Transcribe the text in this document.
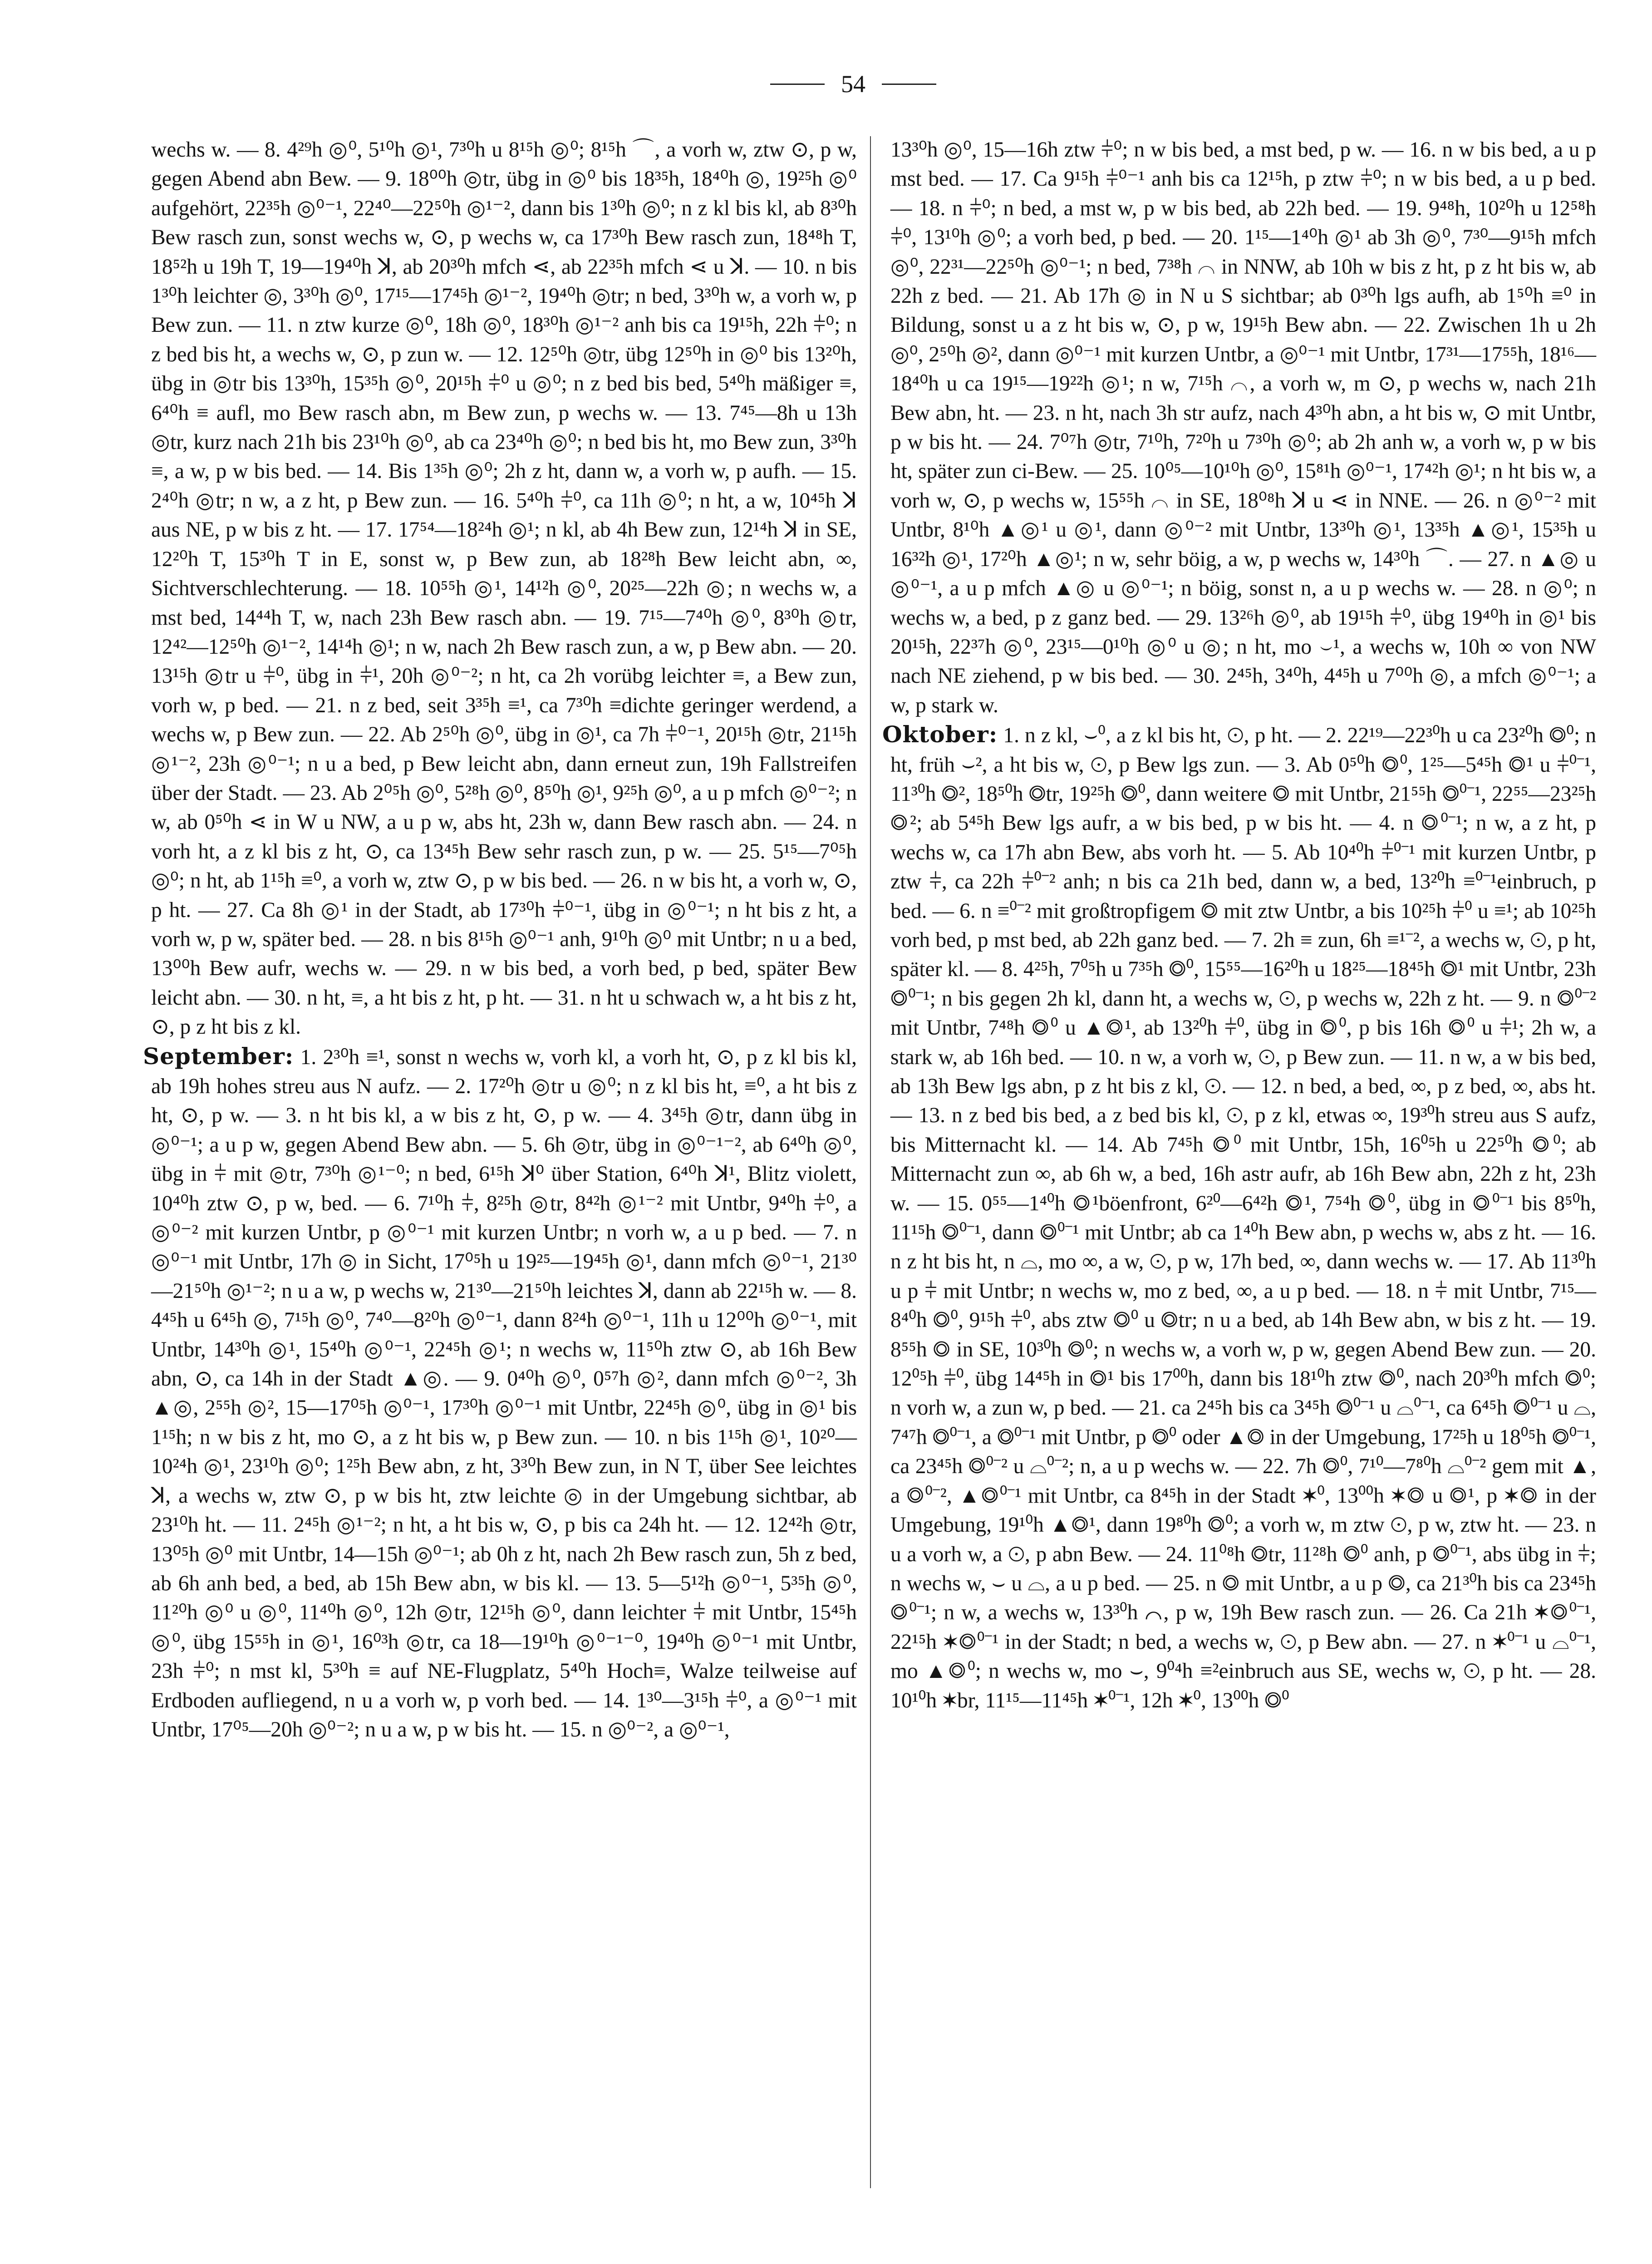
54

wechs w. — 8. 4²⁹h ◎⁰, 5¹⁰h ◎¹, 7³⁰h u 8¹⁵h ◎⁰; 8¹⁵h ⌒, a vorh w, ztw ⊙, p w, gegen Abend abn Bew. — 9. 18⁰⁰h ◎tr, übg in ◎⁰ bis 18³⁵h, 18⁴⁰h ◎, 19²⁵h ◎⁰ aufgehört, 22³⁵h ◎⁰⁻¹, 22⁴⁰—22⁵⁰h ◎¹⁻², dann bis 1³⁰h ◎⁰; n z kl bis kl, ab 8³⁰h Bew rasch zun, sonst wechs w, ⊙, p wechs w, ca 17³⁰h Bew rasch zun, 18⁴⁸h T, 18⁵²h u 19h T, 19—19⁴⁰h ꓘ, ab 20³⁰h mfch ⋖, ab 22³⁵h mfch ⋖ u ꓘ. — 10. n bis 1³⁰h leichter ◎, 3³⁰h ◎⁰, 17¹⁵—17⁴⁵h ◎¹⁻², 19⁴⁰h ◎tr; n bed, 3³⁰h w, a vorh w, p Bew zun. — 11. n ztw kurze ◎⁰, 18h ◎⁰, 18³⁰h ◎¹⁻² anh bis ca 19¹⁵h, 22h ⫩⁰; n z bed bis ht, a wechs w, ⊙, p zun w. — 12. 12⁵⁰h ◎tr, übg 12⁵⁰h in ◎⁰ bis 13²⁰h, übg in ◎tr bis 13³⁰h, 15³⁵h ◎⁰, 20¹⁵h ⫩⁰ u ◎⁰; n z bed bis bed, 5⁴⁰h mäßiger ≡, 6⁴⁰h ≡ aufl, mo Bew rasch abn, m Bew zun, p wechs w. — 13. 7⁴⁵—8h u 13h ◎tr, kurz nach 21h bis 23¹⁰h ◎⁰, ab ca 23⁴⁰h ◎⁰; n bed bis ht, mo Bew zun, 3³⁰h ≡, a w, p w bis bed. — 14. Bis 1³⁵h ◎⁰; 2h z ht, dann w, a vorh w, p aufh. — 15. 2⁴⁰h ◎tr; n w, a z ht, p Bew zun. — 16. 5⁴⁰h ⫩⁰, ca 11h ◎⁰; n ht, a w, 10⁴⁵h ꓘ aus NE, p w bis z ht. — 17. 17⁵⁴—18²⁴h ◎¹; n kl, ab 4h Bew zun, 12¹⁴h ꓘ in SE, 12²⁰h T, 15³⁰h T in E, sonst w, p Bew zun, ab 18²⁸h Bew leicht abn, ∞, Sichtverschlechterung. — 18. 10⁵⁵h ◎¹, 14¹²h ◎⁰, 20²⁵—22h ◎; n wechs w, a mst bed, 14⁴⁴h T, w, nach 23h Bew rasch abn. — 19. 7¹⁵—7⁴⁰h ◎⁰, 8³⁰h ◎tr, 12⁴²—12⁵⁰h ◎¹⁻², 14¹⁴h ◎¹; n w, nach 2h Bew rasch zun, a w, p Bew abn. — 20. 13¹⁵h ◎tr u ⫩⁰, übg in ⫩¹, 20h ◎⁰⁻²; n ht, ca 2h vorübg leichter ≡, a Bew zun, vorh w, p bed. — 21. n z bed, seit 3³⁵h ≡¹, ca 7³⁰h ≡dichte geringer werdend, a wechs w, p Bew zun. — 22. Ab 2⁵⁰h ◎⁰, übg in ◎¹, ca 7h ⫩⁰⁻¹, 20¹⁵h ◎tr, 21¹⁵h ◎¹⁻², 23h ◎⁰⁻¹; n u a bed, p Bew leicht abn, dann erneut zun, 19h Fallstreifen über der Stadt. — 23. Ab 2⁰⁵h ◎⁰, 5²⁸h ◎⁰, 8⁵⁰h ◎¹, 9²⁵h ◎⁰, a u p mfch ◎⁰⁻²; n w, ab 0⁵⁰h ⋖ in W u NW, a u p w, abs ht, 23h w, dann Bew rasch abn. — 24. n vorh ht, a z kl bis z ht, ⊙, ca 13⁴⁵h Bew sehr rasch zun, p w. — 25. 5¹⁵—7⁰⁵h ◎⁰; n ht, ab 1¹⁵h ≡⁰, a vorh w, ztw ⊙, p w bis bed. — 26. n w bis ht, a vorh w, ⊙, p ht. — 27. Ca 8h ◎¹ in der Stadt, ab 17³⁰h ⫩⁰⁻¹, übg in ◎⁰⁻¹; n ht bis z ht, a vorh w, p w, später bed. — 28. n bis 8¹⁵h ◎⁰⁻¹ anh, 9¹⁰h ◎⁰ mit Untbr; n u a bed, 13⁰⁰h Bew aufr, wechs w. — 29. n w bis bed, a vorh bed, p bed, später Bew leicht abn. — 30. n ht, ≡, a ht bis z ht, p ht. — 31. n ht u schwach w, a ht bis z ht, ⊙, p z ht bis z kl.

September: 1. 2³⁰h ≡¹, sonst n wechs w, vorh kl, a vorh ht, ⊙, p z kl bis kl, ab 19h hohes streu aus N aufz. — 2. 17²⁰h ◎tr u ◎⁰; n z kl bis ht, ≡⁰, a ht bis z ht, ⊙, p w. — 3. n ht bis kl, a w bis z ht, ⊙, p w. — 4. 3⁴⁵h ◎tr, dann übg in ◎⁰⁻¹; a u p w, gegen Abend Bew abn. — 5. 6h ◎tr, übg in ◎⁰⁻¹⁻², ab 6⁴⁰h ◎⁰, übg in ⫩ mit ◎tr, 7³⁰h ◎¹⁻⁰; n bed, 6¹⁵h ꓘ⁰ über Station, 6⁴⁰h ꓘ¹, Blitz violett, 10⁴⁰h ztw ⊙, p w, bed. — 6. 7¹⁰h ⫩, 8²⁵h ◎tr, 8⁴²h ◎¹⁻² mit Untbr, 9⁴⁰h ⫩⁰, a ◎⁰⁻² mit kurzen Untbr, p ◎⁰⁻¹ mit kurzen Untbr; n vorh w, a u p bed. — 7. n ◎⁰⁻¹ mit Untbr, 17h ◎ in Sicht, 17⁰⁵h u 19²⁵—19⁴⁵h ◎¹, dann mfch ◎⁰⁻¹, 21³⁰—21⁵⁰h ◎¹⁻²; n u a w, p wechs w, 21³⁰—21⁵⁰h leichtes ꓘ, dann ab 22¹⁵h w. — 8. 4⁴⁵h u 6⁴⁵h ◎, 7¹⁵h ◎⁰, 7⁴⁰—8²⁰h ◎⁰⁻¹, dann 8²⁴h ◎⁰⁻¹, 11h u 12⁰⁰h ◎⁰⁻¹, mit Untbr, 14³⁰h ◎¹, 15⁴⁰h ◎⁰⁻¹, 22⁴⁵h ◎¹; n wechs w, 11⁵⁰h ztw ⊙, ab 16h Bew abn, ⊙, ca 14h in der Stadt ▲◎. — 9. 0⁴⁰h ◎⁰, 0⁵⁷h ◎², dann mfch ◎⁰⁻², 3h ▲◎, 2⁵⁵h ◎², 15—17⁰⁵h ◎⁰⁻¹, 17³⁰h ◎⁰⁻¹ mit Untbr, 22⁴⁵h ◎⁰, übg in ◎¹ bis 1¹⁵h; n w bis z ht, mo ⊙, a z ht bis w, p Bew zun. — 10. n bis 1¹⁵h ◎¹, 10²⁰—10²⁴h ◎¹, 23¹⁰h ◎⁰; 1²⁵h Bew abn, z ht, 3³⁰h Bew zun, in N T, über See leichtes ꓘ, a wechs w, ztw ⊙, p w bis ht, ztw leichte ◎ in der Umgebung sichtbar, ab 23¹⁰h ht. — 11. 2⁴⁵h ◎¹⁻²; n ht, a ht bis w, ⊙, p bis ca 24h ht. — 12. 12⁴²h ◎tr, 13⁰⁵h ◎⁰ mit Untbr, 14—15h ◎⁰⁻¹; ab 0h z ht, nach 2h Bew rasch zun, 5h z bed, ab 6h anh bed, a bed, ab 15h Bew abn, w bis kl. — 13. 5—5¹²h ◎⁰⁻¹, 5³⁵h ◎⁰, 11²⁰h ◎⁰ u ◎⁰, 11⁴⁰h ◎⁰, 12h ◎tr, 12¹⁵h ◎⁰, dann leichter ⫩ mit Untbr, 15⁴⁵h ◎⁰, übg 15⁵⁵h in ◎¹, 16⁰³h ◎tr, ca 18—19¹⁰h ◎⁰⁻¹⁻⁰, 19⁴⁰h ◎⁰⁻¹ mit Untbr, 23h ⫩⁰; n mst kl, 5³⁰h ≡ auf NE-Flugplatz, 5⁴⁰h Hoch≡, Walze teilweise auf Erdboden aufliegend, n u a vorh w, p vorh bed. — 14. 1³⁰—3¹⁵h ⫩⁰, a ◎⁰⁻¹ mit Untbr, 17⁰⁵—20h ◎⁰⁻²; n u a w, p w bis ht. — 15. n ◎⁰⁻², a ◎⁰⁻¹,

13³⁰h ◎⁰, 15—16h ztw ⫩⁰; n w bis bed, a mst bed, p w. — 16. n w bis bed, a u p mst bed. — 17. Ca 9¹⁵h ⫩⁰⁻¹ anh bis ca 12¹⁵h, p ztw ⫩⁰; n w bis bed, a u p bed. — 18. n ⫩⁰; n bed, a mst w, p w bis bed, ab 22h bed. — 19. 9⁴⁸h, 10²⁰h u 12⁵⁸h ⫩⁰, 13¹⁰h ◎⁰; a vorh bed, p bed. — 20. 1¹⁵—1⁴⁰h ◎¹ ab 3h ◎⁰, 7³⁰—9¹⁵h mfch ◎⁰, 22³¹—22⁵⁰h ◎⁰⁻¹; n bed, 7³⁸h ⌒ in NNW, ab 10h w bis z ht, p z ht bis w, ab 22h z bed. — 21. Ab 17h ◎ in N u S sichtbar; ab 0³⁰h lgs aufh, ab 1⁵⁰h ≡⁰ in Bildung, sonst u a z ht bis w, ⊙, p w, 19¹⁵h Bew abn. — 22. Zwischen 1h u 2h ◎⁰, 2⁵⁰h ◎², dann ◎⁰⁻¹ mit kurzen Untbr, a ◎⁰⁻¹ mit Untbr, 17³¹—17⁵⁵h, 18¹⁶—18⁴⁰h u ca 19¹⁵—19²²h ◎¹; n w, 7¹⁵h ⌒, a vorh w, m ⊙, p wechs w, nach 21h Bew abn, ht. — 23. n ht, nach 3h str aufz, nach 4³⁰h abn, a ht bis w, ⊙ mit Untbr, p w bis ht. — 24. 7⁰⁷h ◎tr, 7¹⁰h, 7²⁰h u 7³⁰h ◎⁰; ab 2h anh w, a vorh w, p w bis ht, später zun ci-Bew. — 25. 10⁰⁵—10¹⁰h ◎⁰, 15⁸¹h ◎⁰⁻¹, 17⁴²h ◎¹; n ht bis w, a vorh w, ⊙, p wechs w, 15⁵⁵h ⌒ in SE, 18⁰⁸h ꓘ u ⋖ in NNE. — 26. n ◎⁰⁻² mit Untbr, 8¹⁰h ▲◎¹ u ◎¹, dann ◎⁰⁻² mit Untbr, 13³⁰h ◎¹, 13³⁵h ▲◎¹, 15³⁵h u 16³²h ◎¹, 17²⁰h ▲◎¹; n w, sehr böig, a w, p wechs w, 14³⁰h ⌒. — 27. n ▲◎ u ◎⁰⁻¹, a u p mfch ▲◎ u ◎⁰⁻¹; n böig, sonst n, a u p wechs w. — 28. n ◎⁰; n wechs w, a bed, p z ganz bed. — 29. 13²⁶h ◎⁰, ab 19¹⁵h ⫩⁰, übg 19⁴⁰h in ◎¹ bis 20¹⁵h, 22³⁷h ◎⁰, 23¹⁵—0¹⁰h ◎⁰ u ◎; n ht, mo ⌣¹, a wechs w, 10h ∞ von NW nach NE ziehend, p w bis bed. — 30. 2⁴⁵h, 3⁴⁰h, 4⁴⁵h u 7⁰⁰h ◎, a mfch ◎⁰⁻¹; a w, p stark w.

Oktober: 1. n z kl, ⌣⁰, a z kl bis ht, ⊙, p ht. — 2. 22¹⁹—22³⁰h u ca 23²⁰h ◎⁰; n ht, früh ⌣², a ht bis w, ⊙, p Bew lgs zun. — 3. Ab 0⁵⁰h ◎⁰, 1²⁵—5⁴⁵h ◎¹ u ⫩⁰⁻¹, 11³⁰h ◎², 18⁵⁰h ◎tr, 19²⁵h ◎⁰, dann weitere ◎ mit Untbr, 21⁵⁵h ◎⁰⁻¹, 22⁵⁵—23²⁵h ◎²; ab 5⁴⁵h Bew lgs aufr, a w bis bed, p w bis ht. — 4. n ◎⁰⁻¹; n w, a z ht, p wechs w, ca 17h abn Bew, abs vorh ht. — 5. Ab 10⁴⁰h ⫩⁰⁻¹ mit kurzen Untbr, p ztw ⫩, ca 22h ⫩⁰⁻² anh; n bis ca 21h bed, dann w, a bed, 13²⁰h ≡⁰⁻¹einbruch, p bed. — 6. n ≡⁰⁻² mit großtropfigem ◎ mit ztw Untbr, a bis 10²⁵h ⫩⁰ u ≡¹; ab 10²⁵h vorh bed, p mst bed, ab 22h ganz bed. — 7. 2h ≡ zun, 6h ≡¹⁻², a wechs w, ⊙, p ht, später kl. — 8. 4²⁵h, 7⁰⁵h u 7³⁵h ◎⁰, 15⁵⁵—16²⁰h u 18²⁵—18⁴⁵h ◎¹ mit Untbr, 23h ◎⁰⁻¹; n bis gegen 2h kl, dann ht, a wechs w, ⊙, p wechs w, 22h z ht. — 9. n ◎⁰⁻² mit Untbr, 7⁴⁸h ◎⁰ u ▲◎¹, ab 13²⁰h ⫩⁰, übg in ◎⁰, p bis 16h ◎⁰ u ⫩¹; 2h w, a stark w, ab 16h bed. — 10. n w, a vorh w, ⊙, p Bew zun. — 11. n w, a w bis bed, ab 13h Bew lgs abn, p z ht bis z kl, ⊙. — 12. n bed, a bed, ∞, p z bed, ∞, abs ht. — 13. n z bed bis bed, a z bed bis kl, ⊙, p z kl, etwas ∞, 19³⁰h streu aus S aufz, bis Mitternacht kl. — 14. Ab 7⁴⁵h ◎⁰ mit Untbr, 15h, 16⁰⁵h u 22⁵⁰h ◎⁰; ab Mitternacht zun ∞, ab 6h w, a bed, 16h astr aufr, ab 16h Bew abn, 22h z ht, 23h w. — 15. 0⁵⁵—1⁴⁰h ◎¹böenfront, 6²⁰—6⁴²h ◎¹, 7⁵⁴h ◎⁰, übg in ◎⁰⁻¹ bis 8⁵⁰h, 11¹⁵h ◎⁰⁻¹, dann ◎⁰⁻¹ mit Untbr; ab ca 1⁴⁰h Bew abn, p wechs w, abs z ht. — 16. n z ht bis ht, n ⌓, mo ∞, a w, ⊙, p w, 17h bed, ∞, dann wechs w. — 17. Ab 11³⁰h u p ⫩ mit Untbr; n wechs w, mo z bed, ∞, a u p bed. — 18. n ⫩ mit Untbr, 7¹⁵—8⁴⁰h ◎⁰, 9¹⁵h ⫩⁰, abs ztw ◎⁰ u ◎tr; n u a bed, ab 14h Bew abn, w bis z ht. — 19. 8⁵⁵h ◎ in SE, 10³⁰h ◎⁰; n wechs w, a vorh w, p w, gegen Abend Bew zun. — 20. 12⁰⁵h ⫩⁰, übg 14⁴⁵h in ◎¹ bis 17⁰⁰h, dann bis 18¹⁰h ztw ◎⁰, nach 20³⁰h mfch ◎⁰; n vorh w, a zun w, p bed. — 21. ca 2⁴⁵h bis ca 3⁴⁵h ◎⁰⁻¹ u ⌓⁰⁻¹, ca 6⁴⁵h ◎⁰⁻¹ u ⌓, 7⁴⁷h ◎⁰⁻¹, a ◎⁰⁻¹ mit Untbr, p ◎⁰ oder ▲◎ in der Umgebung, 17²⁵h u 18⁰⁵h ◎⁰⁻¹, ca 23⁴⁵h ◎⁰⁻² u ⌓⁰⁻²; n, a u p wechs w. — 22. 7h ◎⁰, 7¹⁰—7⁸⁰h ⌓⁰⁻² gem mit ▲, a ◎⁰⁻², ▲◎⁰⁻¹ mit Untbr, ca 8⁴⁵h in der Stadt ✶⁰, 13⁰⁰h ✶◎ u ◎¹, p ✶◎ in der Umgebung, 19¹⁰h ▲◎¹, dann 19⁸⁰h ◎⁰; a vorh w, m ztw ⊙, p w, ztw ht. — 23. n u a vorh w, a ⊙, p abn Bew. — 24. 11⁰⁸h ◎tr, 11²⁸h ◎⁰ anh, p ◎⁰⁻¹, abs übg in ⫩; n wechs w, ⌣ u ⌓, a u p bed. — 25. n ◎ mit Untbr, a u p ◎, ca 21³⁰h bis ca 23⁴⁵h ◎⁰⁻¹; n w, a wechs w, 13³⁰h ⌒, p w, 19h Bew rasch zun. — 26. Ca 21h ✶◎⁰⁻¹, 22¹⁵h ✶◎⁰⁻¹ in der Stadt; n bed, a wechs w, ⊙, p Bew abn. — 27. n ✶⁰⁻¹ u ⌓⁰⁻¹, mo ▲◎⁰; n wechs w, mo ⌣, 9⁰⁴h ≡²einbruch aus SE, wechs w, ⊙, p ht. — 28. 10¹⁰h ✶br, 11¹⁵—11⁴⁵h ✶⁰⁻¹, 12h ✶⁰, 13⁰⁰h ◎⁰
